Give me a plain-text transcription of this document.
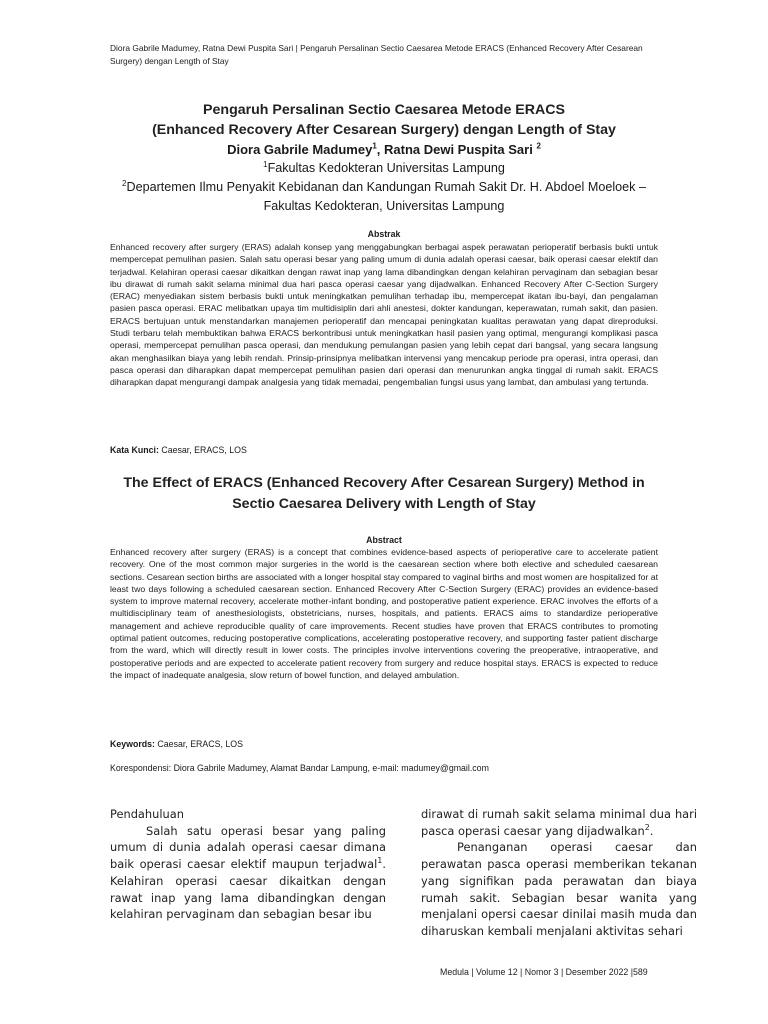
Diora Gabrile Madumey, Ratna Dewi Puspita Sari | Pengaruh Persalinan Sectio Caesarea Metode ERACS (Enhanced Recovery After Cesarean Surgery) dengan Length of Stay
Pengaruh Persalinan Sectio Caesarea Metode ERACS
(Enhanced Recovery After Cesarean Surgery) dengan Length of Stay
Diora Gabrile Madumey$^1$, Ratna Dewi Puspita Sari $^2$
$^1$Fakultas Kedokteran Universitas Lampung
$^2$Departemen Ilmu Penyakit Kebidanan dan Kandungan Rumah Sakit Dr. H. Abdoel Moeloek –
Fakultas Kedokteran, Universitas Lampung
Abstrak
Enhanced recovery after surgery (ERAS) adalah konsep yang menggabungkan berbagai aspek perawatan perioperatif berbasis bukti untuk mempercepat pemulihan pasien. Salah satu operasi besar yang paling umum di dunia adalah operasi caesar, baik operasi caesar elektif dan terjadwal. Kelahiran operasi caesar dikaitkan dengan rawat inap yang lama dibandingkan dengan kelahiran pervaginam dan sebagian besar ibu dirawat di rumah sakit selama minimal dua hari pasca operasi caesar yang dijadwalkan. Enhanced Recovery After C-Section Surgery (ERAC) menyediakan sistem berbasis bukti untuk meningkatkan pemulihan terhadap ibu, mempercepat ikatan ibu-bayi, dan pengalaman pasien pasca operasi. ERAC melibatkan upaya tim multidisiplin dari ahli anestesi, dokter kandungan, keperawatan, rumah sakit, dan pasien. ERACS bertujuan untuk menstandarkan manajemen perioperatif dan mencapai peningkatan kualitas perawatan yang dapat direproduksi. Studi terbaru telah membuktikan bahwa ERACS berkontribusi untuk meningkatkan hasil pasien yang optimal, mengurangi komplikasi pasca operasi, mempercepat pemulihan pasca operasi, dan mendukung pemulangan pasien yang lebih cepat dari bangsal, yang secara langsung akan menghasilkan biaya yang lebih rendah. Prinsip-prinsipnya melibatkan intervensi yang mencakup periode pra operasi, intra operasi, dan pasca operasi dan diharapkan dapat mempercepat pemulihan pasien dari operasi dan menurunkan angka tinggal di rumah sakit. ERACS diharapkan dapat mengurangi dampak analgesia yang tidak memadai, pengembalian fungsi usus yang lambat, dan ambulasi yang tertunda.
Kata Kunci: Caesar, ERACS, LOS
The Effect of ERACS (Enhanced Recovery After Cesarean Surgery) Method in
Sectio Caesarea Delivery with Length of Stay
Abstract
Enhanced recovery after surgery (ERAS) is a concept that combines evidence-based aspects of perioperative care to accelerate patient recovery. One of the most common major surgeries in the world is the caesarean section where both elective and scheduled caesarean sections. Cesarean section births are associated with a longer hospital stay compared to vaginal births and most women are hospitalized for at least two days following a scheduled caesarean section. Enhanced Recovery After C-Section Surgery (ERAC) provides an evidence-based system to improve maternal recovery, accelerate mother-infant bonding, and postoperative patient experience. ERAC involves the efforts of a multidisciplinary team of anesthesiologists, obstetricians, nurses, hospitals, and patients. ERACS aims to standardize perioperative management and achieve reproducible quality of care improvements. Recent studies have proven that ERACS contributes to promoting optimal patient outcomes, reducing postoperative complications, accelerating postoperative recovery, and supporting faster patient discharge from the ward, which will directly result in lower costs. The principles involve interventions covering the preoperative, intraoperative, and postoperative periods and are expected to accelerate patient recovery from surgery and reduce hospital stays. ERACS is expected to reduce the impact of inadequate analgesia, slow return of bowel function, and delayed ambulation.
Keywords: Caesar, ERACS, LOS
Korespondensi: Diora Gabrile Madumey, Alamat Bandar Lampung, e-mail: madumey@gmail.com
Pendahuluan
Salah satu operasi besar yang paling umum di dunia adalah operasi caesar dimana baik operasi caesar elektif maupun terjadwal$^1$. Kelahiran operasi caesar dikaitkan dengan rawat inap yang lama dibandingkan dengan kelahiran pervaginam dan sebagian besar ibu
dirawat di rumah sakit selama minimal dua hari pasca operasi caesar yang dijadwalkan$^2$.
Penanganan operasi caesar dan perawatan pasca operasi memberikan tekanan yang signifikan pada perawatan dan biaya rumah sakit. Sebagian besar wanita yang menjalani opersi caesar dinilai masih muda dan diharuskan kembali menjalani aktivitas sehari
Medula | Volume 12 | Nomor 3 | Desember 2022 |589
